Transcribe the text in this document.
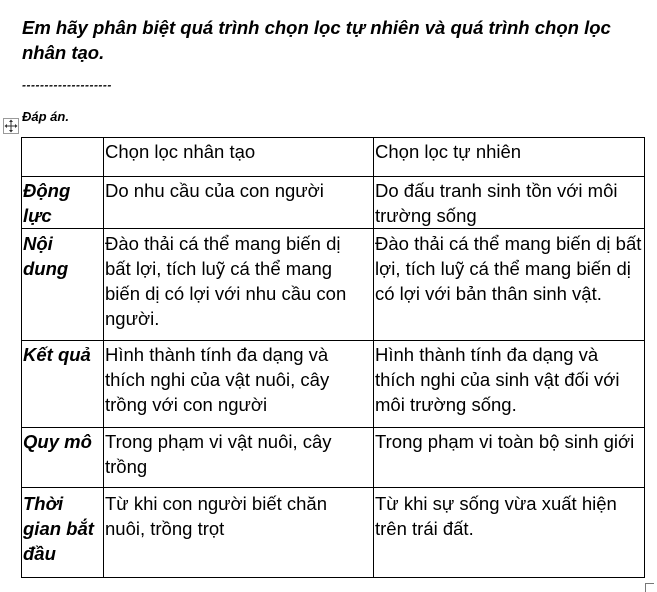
Em hãy phân biệt quá trình chọn lọc tự nhiên và quá trình chọn lọc nhân tạo.

--------------------
Đáp án.
	Chọn lọc nhân tạo	Chọn lọc tự nhiên
Động lực	Do nhu cầu của con người	Do đấu tranh sinh tồn với môi trường sống
Nội dung	Đào thải cá thể mang biến dị bất lợi, tích luỹ cá thể mang biến dị có lợi với nhu cầu con người.	Đào thải cá thể mang biến dị bất lợi, tích luỹ cá thể mang biến dị có lợi với bản thân sinh vật.
Kết quả	Hình thành tính đa dạng và thích nghi của vật nuôi, cây trồng với con người	Hình thành tính đa dạng và thích nghi của sinh vật đối với môi trường sống.
Quy mô	Trong phạm vi vật nuôi, cây trồng	Trong phạm vi toàn bộ sinh giới
Thời gian bắt đầu	Từ khi con người biết chăn nuôi, trồng trọt	Từ khi sự sống vừa xuất hiện trên trái đất.
